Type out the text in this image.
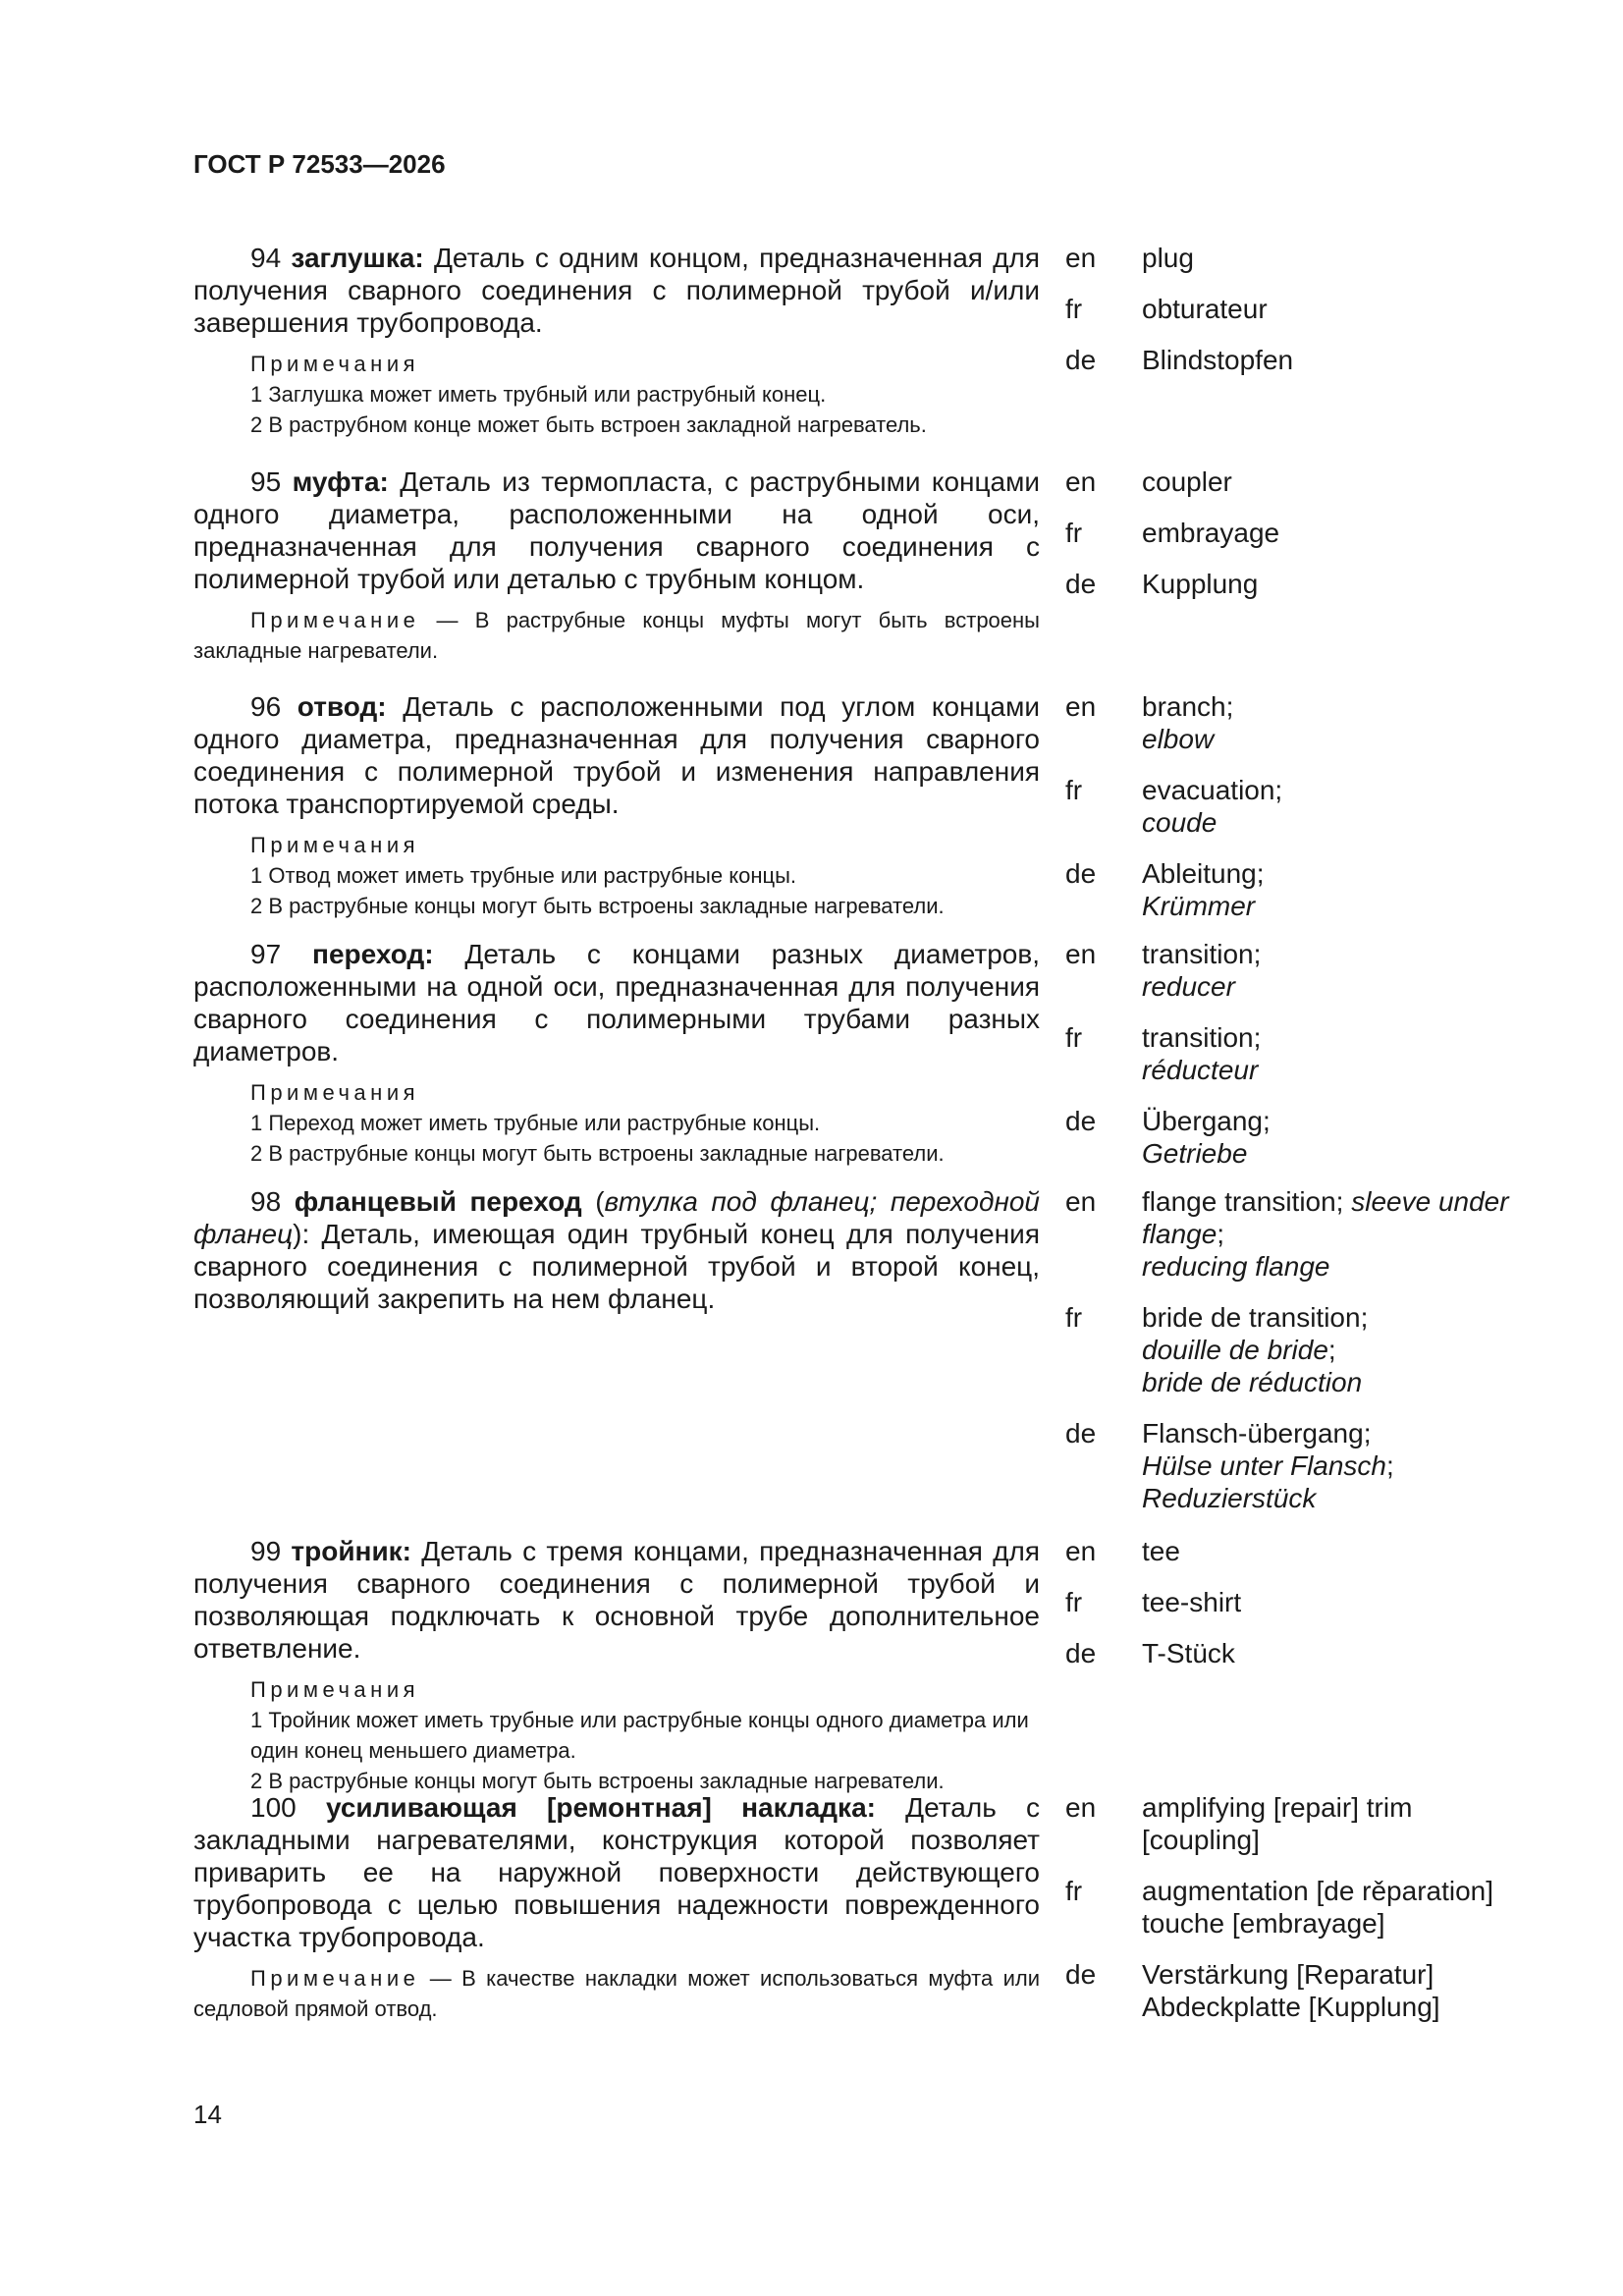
ГОСТ Р 72533—2026
94 заглушка: Деталь с одним концом, предназначенная для получения сварного соединения с полимерной трубой и/или завершения трубопровода.
Примечания
1 Заглушка может иметь трубный или раструбный конец.
2 В раструбном конце может быть встроен закладной нагреватель.
en	plug
fr	obturateur
de	Blindstopfen
95 муфта: Деталь из термопласта, с раструбными концами одного диаметра, расположенными на одной оси, предназначенная для получения сварного соединения с полимерной трубой или деталью с трубным концом.
Примечание — В раструбные концы муфты могут быть встроены закладные нагреватели.
en	coupler
fr	embrayage
de	Kupplung
96 отвод: Деталь с расположенными под углом концами одного диаметра, предназначенная для получения сварного соединения с полимерной трубой и изменения направления потока транспортируемой среды.
Примечания
1 Отвод может иметь трубные или раструбные концы.
2 В раструбные концы могут быть встроены закладные нагреватели.
en	branch;
elbow
fr	evacuation;
coude
de	Ableitung;
Krümmer
97 переход: Деталь с концами разных диаметров, расположенными на одной оси, предназначенная для получения сварного соединения с полимерными трубами разных диаметров.
Примечания
1 Переход может иметь трубные или раструбные концы.
2 В раструбные концы могут быть встроены закладные нагреватели.
en	transition;
reducer
fr	transition;
réducteur
de	Übergang;
Getriebe
98 фланцевый переход (втулка под фланец; переходной фланец): Деталь, имеющая один трубный конец для получения сварного соединения с полимерной трубой и второй конец, позволяющий закрепить на нем фланец.
en	flange transition; sleeve under flange;
reducing flange
fr	bride de transition;
douille de bride;
bride de réduction
de	Flansch-übergang;
Hülse unter Flansch;
Reduzierstück
99 тройник: Деталь с тремя концами, предназначенная для получения сварного соединения с полимерной трубой и позволяющая подключать к основной трубе дополнительное ответвление.
Примечания
1 Тройник может иметь трубные или раструбные концы одного диаметра или один конец меньшего диаметра.
2 В раструбные концы могут быть встроены закладные нагреватели.
en	tee
fr	tee-shirt
de	T-Stück
100 усиливающая [ремонтная] накладка: Деталь с закладными нагревателями, конструкция которой позволяет приварить ее на наружной поверхности действующего трубопровода с целью повышения надежности поврежденного участка трубопровода.
Примечание — В качестве накладки может использоваться муфта или седловой прямой отвод.
en	amplifying [repair] trim [coupling]
fr	augmentation [de rěparation] touche [embrayage]
de	Verstärkung [Reparatur] Abdeckplatte [Kupplung]
14
